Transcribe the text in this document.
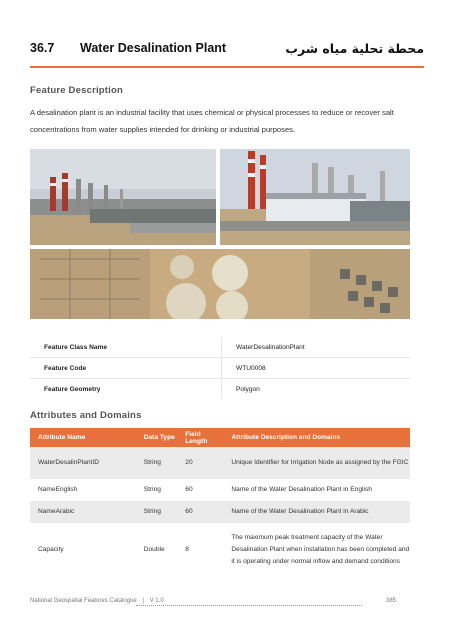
36.7 Water Desalination Plant	محطة تحلية مياه شرب
Feature Description
A desalination plant is an industrial facility that uses chemical or physical processes to reduce or recover salt concentrations from water supplies intended for drinking or industrial purposes.
Feature Class Name	WaterDesalinationPlant
Feature Code	WTU0008
Feature Geometry	Polygon
Attributes and Domains
Attribute Name	Data Type	Field Length	Attribute Description and Domains
WaterDesalinPlantID	String	20	Unique Identifier for Irrigation Node as assigned by the FGIC
NameEnglish	String	60	Name of the Water Desalination Plant in English
NameArabic	String	60	Name of the Water Desalination Plant in Arabic
Capacity	Double	8	The maximum peak treatment capacity of the Water Desalination Plant when installation has been completed and it is operating under normal inflow and demand conditions
National Geospatial Features Catalogue | V 1.0	385
